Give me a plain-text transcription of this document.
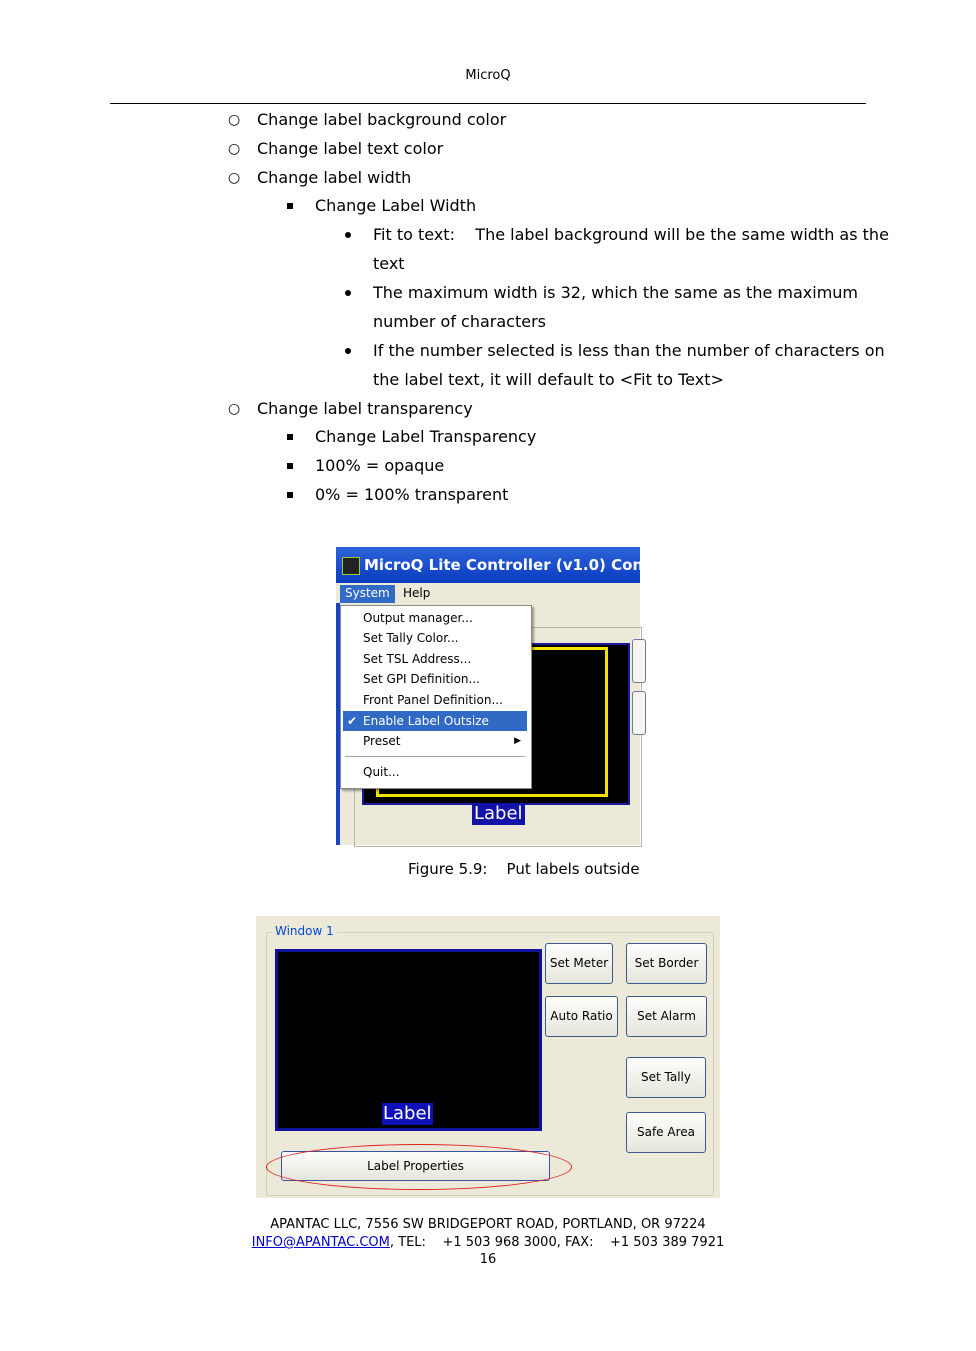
MicroQ
○ Change label background color
○ Change label text color
○ Change label width
Change Label Width
Fit to text:    The label background will be the same width as the
text
The maximum width is 32, which the same as the maximum
number of characters
If the number selected is less than the number of characters on
the label text, it will default to <Fit to Text>
○ Change label transparency
Change Label Transparency
100% = opaque
0% = 100% transparent
MicroQ Lite Controller (v1.0) Connec
System	Help
Label
Output manager...
Set Tally Color...
Set TSL Address...
Set GPI Definition...
Front Panel Definition...
✔ Enable Label Outsize
Preset	▶
Quit...
Figure 5.9:    Put labels outside
Window 1
Label
Set Meter	Set Border
Auto Ratio	Set Alarm
Set Tally
Safe Area
Label Properties
APANTAC LLC, 7556 SW BRIDGEPORT ROAD, PORTLAND, OR 97224
INFO@APANTAC.COM, TEL:    +1 503 968 3000, FAX:    +1 503 389 7921
16
